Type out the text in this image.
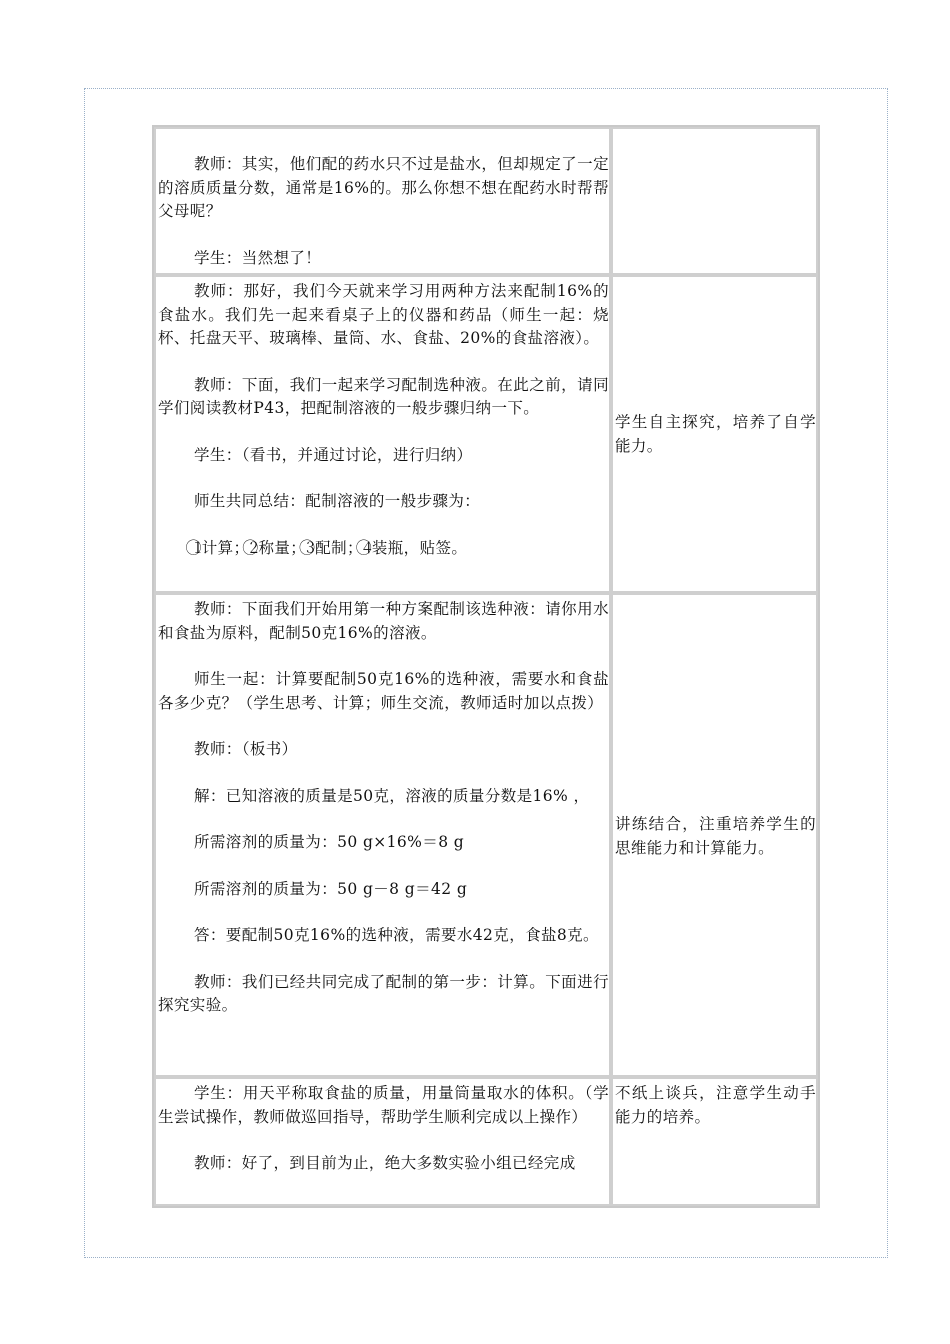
教师：其实，他们配的药水只不过是盐水，但却规定了一定的溶质质量分数，通常是16%的。那么你想不想在配药水时帮帮父母呢？

学生：当然想了！

教师：那好，我们今天就来学习用两种方法来配制16%的食盐水。我们先一起来看桌子上的仪器和药品（师生一起：烧杯、托盘天平、玻璃棒、量筒、水、食盐、20%的食盐溶液）。

教师：下面，我们一起来学习配制选种液。在此之前，请同学们阅读教材P43，把配制溶液的一般步骤归纳一下。

学生：（看书，并通过讨论，进行归纳）

师生共同总结：配制溶液的一般步骤为：

1⃝计算；2⃝称量；3⃝配制；4⃝装瓶，贴签。

学生自主探究，培养了自学能力。

教师：下面我们开始用第一种方案配制该选种液：请你用水和食盐为原料，配制50克16%的溶液。

师生一起：计算要配制50克16%的选种液，需要水和食盐各多少克？（学生思考、计算；师生交流，教师适时加以点拨）

教师：（板书）

解：已知溶液的质量是50克，溶液的质量分数是16% ，

所需溶剂的质量为：50 g×16%＝8 g

所需溶剂的质量为：50 g－8 g＝42 g

答：要配制50克16%的选种液，需要水42克，食盐8克。

教师：我们已经共同完成了配制的第一步：计算。下面进行探究实验。

讲练结合，注重培养学生的思维能力和计算能力。

学生：用天平称取食盐的质量，用量筒量取水的体积。（学生尝试操作，教师做巡回指导，帮助学生顺利完成以上操作）

教师：好了，到目前为止，绝大多数实验小组已经完成

不纸上谈兵，注意学生动手能力的培养。
